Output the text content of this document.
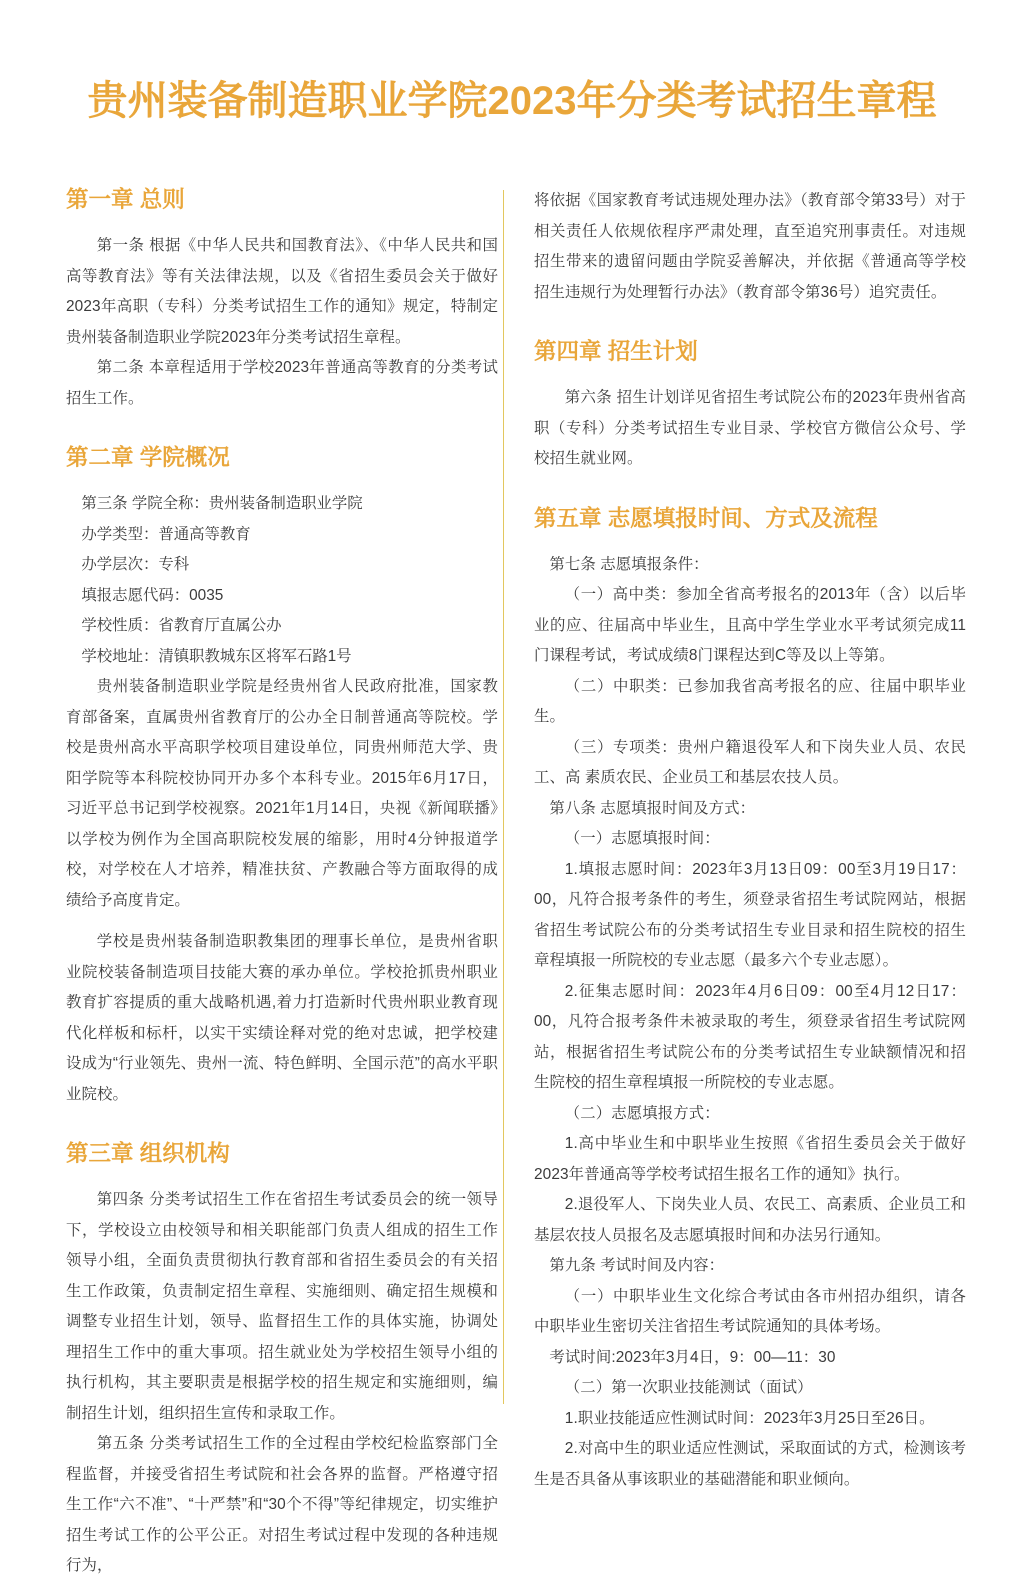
贵州装备制造职业学院2023年分类考试招生章程
第一章 总则

第一条 根据《中华人民共和国教育法》、《中华人民共和国高等教育法》等有关法律法规，以及《省招生委员会关于做好2023年高职（专科）分类考试招生工作的通知》规定，特制定贵州装备制造职业学院2023年分类考试招生章程。

第二条 本章程适用于学校2023年普通高等教育的分类考试招生工作。

第二章 学院概况

第三条 学院全称：贵州装备制造职业学院

办学类型：普通高等教育

办学层次：专科

填报志愿代码：0035

学校性质：省教育厅直属公办

学校地址：清镇职教城东区将军石路1号

贵州装备制造职业学院是经贵州省人民政府批准，国家教育部备案，直属贵州省教育厅的公办全日制普通高等院校。学校是贵州高水平高职学校项目建设单位，同贵州师范大学、贵阳学院等本科院校协同开办多个本科专业。2015年6月17日，习近平总书记到学校视察。2021年1月14日，央视《新闻联播》以学校为例作为全国高职院校发展的缩影，用时4分钟报道学校，对学校在人才培养，精准扶贫、产教融合等方面取得的成绩给予高度肯定。

学校是贵州装备制造职教集团的理事长单位，是贵州省职业院校装备制造项目技能大赛的承办单位。学校抢抓贵州职业教育扩容提质的重大战略机遇,着力打造新时代贵州职业教育现代化样板和标杆，以实干实绩诠释对党的绝对忠诚，把学校建设成为“行业领先、贵州一流、特色鲜明、全国示范”的高水平职业院校。

第三章 组织机构

第四条 分类考试招生工作在省招生考试委员会的统一领导下，学校设立由校领导和相关职能部门负责人组成的招生工作领导小组，全面负责贯彻执行教育部和省招生委员会的有关招生工作政策，负责制定招生章程、实施细则、确定招生规模和调整专业招生计划，领导、监督招生工作的具体实施，协调处理招生工作中的重大事项。招生就业处为学校招生领导小组的执行机构，其主要职责是根据学校的招生规定和实施细则，编制招生计划，组织招生宣传和录取工作。

第五条 分类考试招生工作的全过程由学校纪检监察部门全程监督，并接受省招生考试院和社会各界的监督。严格遵守招生工作“六不准”、“十严禁”和“30个不得”等纪律规定，切实维护招生考试工作的公平公正。对招生考试过程中发现的各种违规行为，

将依据《国家教育考试违规处理办法》（教育部令第33号）对于相关责任人依规依程序严肃处理，直至追究刑事责任。对违规招生带来的遗留问题由学院妥善解决，并依据《普通高等学校招生违规行为处理暂行办法》（教育部令第36号）追究责任。

第四章 招生计划

第六条 招生计划详见省招生考试院公布的2023年贵州省高职（专科）分类考试招生专业目录、学校官方微信公众号、学校招生就业网。

第五章 志愿填报时间、方式及流程

第七条 志愿填报条件：

（一）高中类：参加全省高考报名的2013年（含）以后毕业的应、往届高中毕业生，且高中学生学业水平考试须完成11门课程考试，考试成绩8门课程达到C等及以上等第。

（二）中职类：已参加我省高考报名的应、往届中职毕业生。

（三）专项类：贵州户籍退役军人和下岗失业人员、农民工、高 素质农民、企业员工和基层农技人员。

第八条 志愿填报时间及方式：

（一）志愿填报时间：

1.填报志愿时间：2023年3月13日09：00至3月19日17：00，凡符合报考条件的考生，须登录省招生考试院网站，根据省招生考试院公布的分类考试招生专业目录和招生院校的招生章程填报一所院校的专业志愿（最多六个专业志愿）。

2.征集志愿时间：2023年4月6日09：00至4月12日17：00，凡符合报考条件未被录取的考生，须登录省招生考试院网站，根据省招生考试院公布的分类考试招生专业缺额情况和招生院校的招生章程填报一所院校的专业志愿。

（二）志愿填报方式：

1.高中毕业生和中职毕业生按照《省招生委员会关于做好2023年普通高等学校考试招生报名工作的通知》执行。

2.退役军人、下岗失业人员、农民工、高素质、企业员工和基层农技人员报名及志愿填报时间和办法另行通知。

第九条 考试时间及内容：

（一）中职毕业生文化综合考试由各市州招办组织，请各中职毕业生密切关注省招生考试院通知的具体考场。

考试时间:2023年3月4日，9：00—11：30

（二）第一次职业技能测试（面试）

1.职业技能适应性测试时间：2023年3月25日至26日。

2.对高中生的职业适应性测试，采取面试的方式，检测该考生是否具备从事该职业的基础潜能和职业倾向。
